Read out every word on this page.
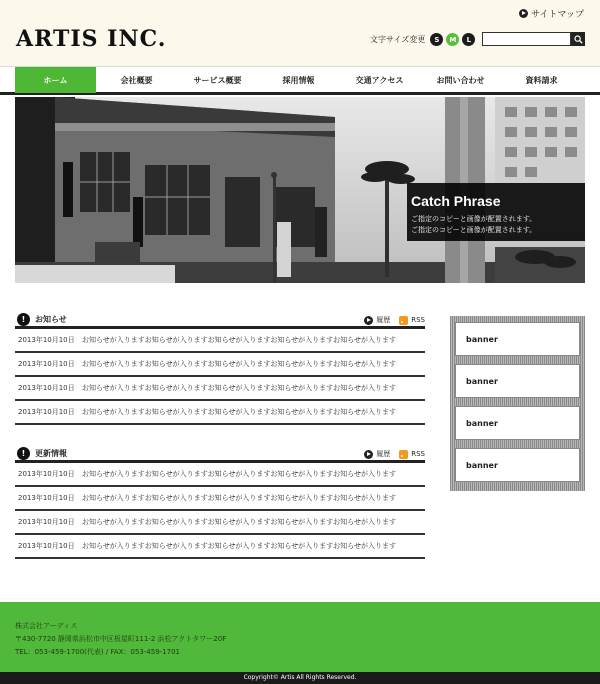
ARTIS INC.
サイトマップ
文字サイズ変更	S	M	L
ホーム	会社概要	サービス概要	採用情報	交通アクセス	お問い合わせ	資料請求
Catch Phrase

ご指定のコピーと画像が配置されます。

ご指定のコピーと画像が配置されます。

!	お知らせ	履歴	RSS
2013年10月10日	お知らせが入りますお知らせが入りますお知らせが入りますお知らせが入りますお知らせが入ります
2013年10月10日	お知らせが入りますお知らせが入りますお知らせが入りますお知らせが入りますお知らせが入ります
2013年10月10日	お知らせが入りますお知らせが入りますお知らせが入りますお知らせが入りますお知らせが入ります
2013年10月10日	お知らせが入りますお知らせが入りますお知らせが入りますお知らせが入りますお知らせが入ります
!	更新情報	履歴	RSS
2013年10月10日	お知らせが入りますお知らせが入りますお知らせが入りますお知らせが入りますお知らせが入ります
2013年10月10日	お知らせが入りますお知らせが入りますお知らせが入りますお知らせが入りますお知らせが入ります
2013年10月10日	お知らせが入りますお知らせが入りますお知らせが入りますお知らせが入りますお知らせが入ります
2013年10月10日	お知らせが入りますお知らせが入りますお知らせが入りますお知らせが入りますお知らせが入ります
banner
banner
banner
banner
株式会社アーディス
〒430-7720 静岡県浜松市中区板屋町111-2 浜松アクトタワー20F
TEL：053-459-1700(代表) / FAX：053-459-1701
Copyright© Artis All Rights Reserved.
